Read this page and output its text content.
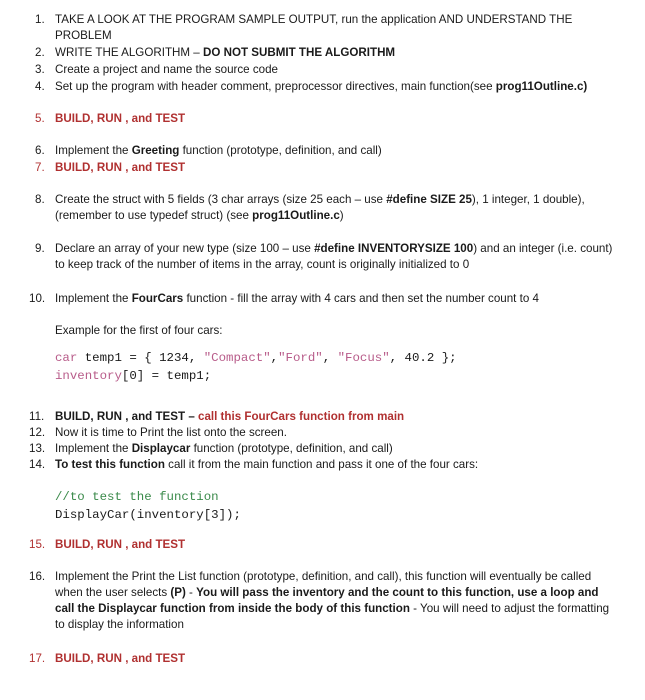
1. TAKE A LOOK AT THE PROGRAM SAMPLE OUTPUT, run the application AND UNDERSTAND THE PROBLEM
2. WRITE THE ALGORITHM – DO NOT SUBMIT THE ALGORITHM
3. Create a project and name the source code
4. Set up the program with header comment, preprocessor directives, main function(see prog11Outline.c)
5. BUILD, RUN , and TEST
6. Implement the Greeting function (prototype, definition, and call)
7. BUILD, RUN , and TEST
8. Create the struct with 5 fields (3 char arrays (size 25 each – use #define SIZE 25), 1 integer, 1 double), (remember to use typedef struct) (see prog11Outline.c)
9. Declare an array of your new type (size 100 – use #define INVENTORYSIZE 100) and an integer (i.e. count) to keep track of the number of items in the array, count is originally initialized to 0
10. Implement the FourCars function - fill the array with 4 cars and then set the number count to 4
Example for the first of four cars:
car temp1 = { 1234, "Compact","Ford", "Focus", 40.2 };
inventory[0] = temp1;
11. BUILD, RUN , and TEST – call this FourCars function from main
12. Now it is time to Print the list onto the screen.
13. Implement the Displaycar function (prototype, definition, and call)
14. To test this function call it from the main function and pass it one of the four cars:
//to test the function
DisplayCar(inventory[3]);
15. BUILD, RUN , and TEST
16. Implement the Print the List function (prototype, definition, and call), this function will eventually be called when the user selects (P) - You will pass the inventory and the count to this function, use a loop and call the Displaycar function from inside the body of this function - You will need to adjust the formatting to display the information
17. BUILD, RUN , and TEST
